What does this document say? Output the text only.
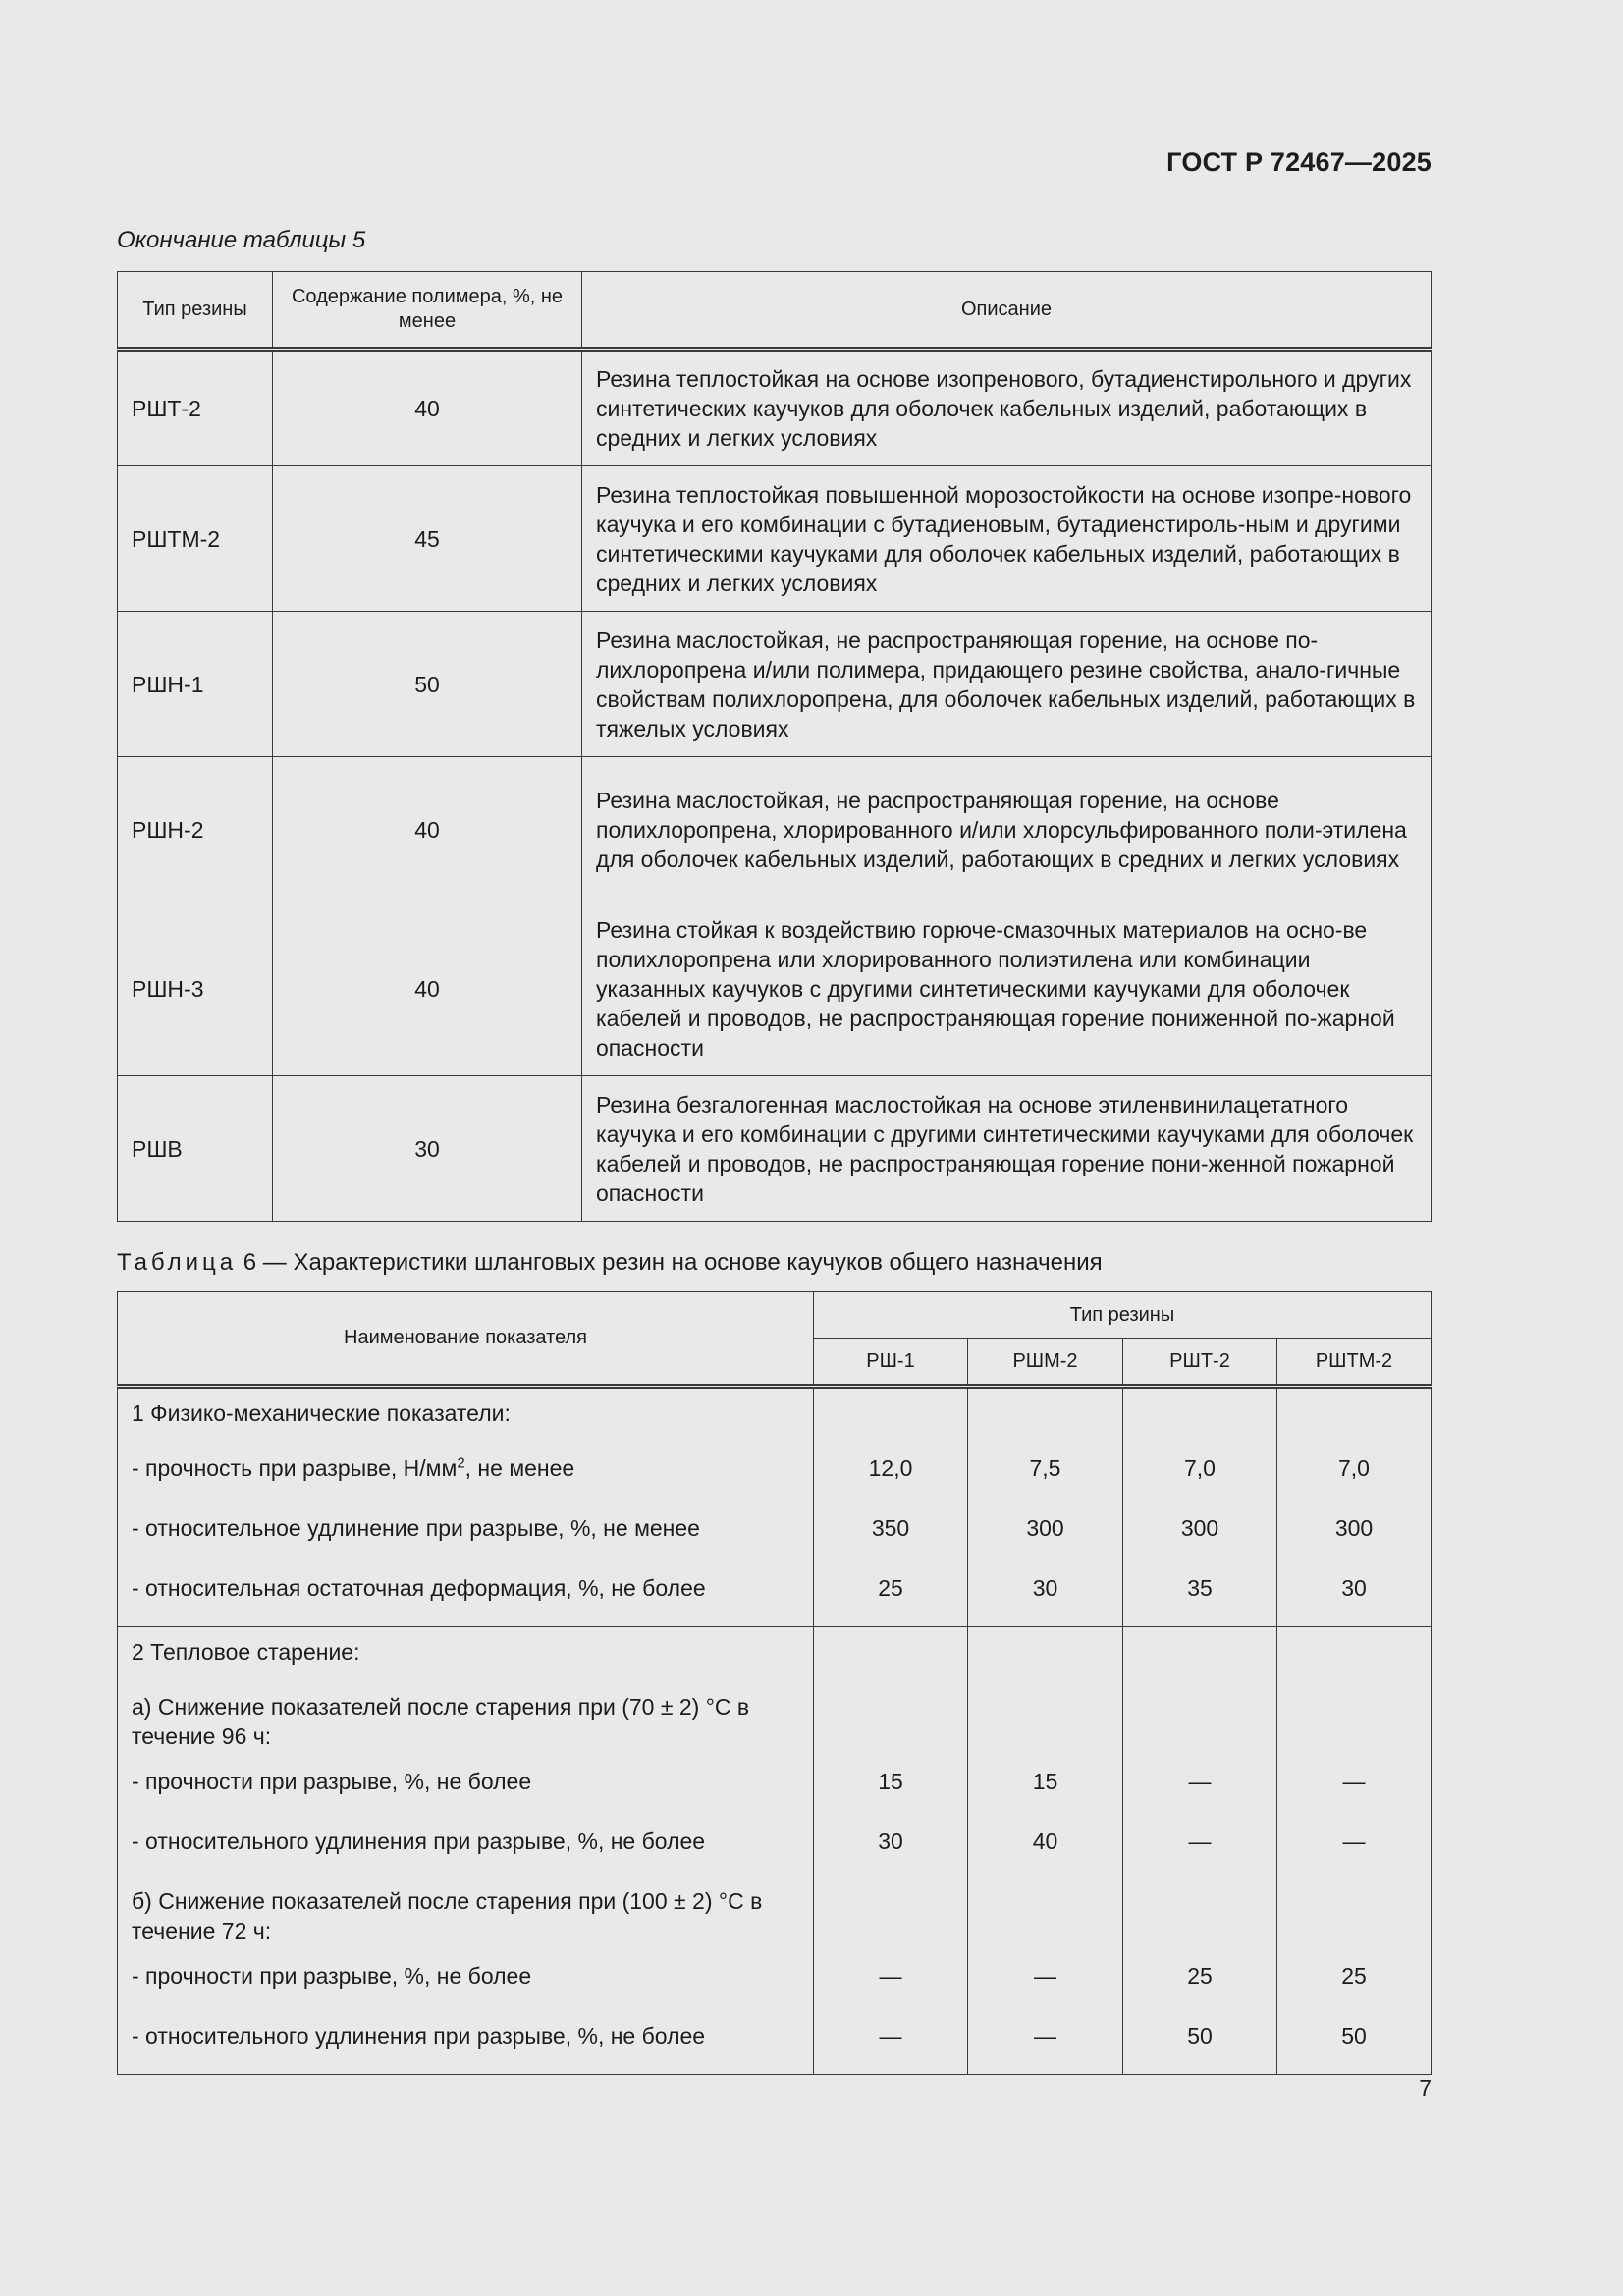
ГОСТ Р 72467—2025
Окончание таблицы 5
Тип резины	Содержание полимера, %, не менее	Описание
РШТ-2	40	Резина теплостойкая на основе изопренового, бутадиенстирольного и других синтетических каучуков для оболочек кабельных изделий, работающих в средних и легких условиях
РШТМ-2	45	Резина теплостойкая повышенной морозостойкости на основе изопре-нового каучука и его комбинации с бутадиеновым, бутадиенстироль-ным и другими синтетическими каучуками для оболочек кабельных изделий, работающих в средних и легких условиях
РШН-1	50	Резина маслостойкая, не распространяющая горение, на основе по-лихлоропрена и/или полимера, придающего резине свойства, анало-гичные свойствам полихлоропрена, для оболочек кабельных изделий, работающих в тяжелых условиях
РШН-2	40	Резина маслостойкая, не распространяющая горение, на основе полихлоропрена, хлорированного и/или хлорсульфированного поли-этилена для оболочек кабельных изделий, работающих в средних и легких условиях
РШН-3	40	Резина стойкая к воздействию горюче-смазочных материалов на осно-ве полихлоропрена или хлорированного полиэтилена или комбинации указанных каучуков с другими синтетическими каучуками для оболочек кабелей и проводов, не распространяющая горение пониженной по-жарной опасности
РШВ	30	Резина безгалогенная маслостойкая на основе этиленвинилацетатного каучука и его комбинации с другими синтетическими каучуками для оболочек кабелей и проводов, не распространяющая горение пони-женной пожарной опасности
Таблица 6 — Характеристики шланговых резин на основе каучуков общего назначения
Наименование показателя	Тип резины			
	РШ-1	РШМ-2	РШТ-2	РШТМ-2
1 Физико-механические показатели:				
- прочность при разрыве, $Н/мм^2$, не менее	12,0	7,5	7,0	7,0
- относительное удлинение при разрыве, %, не менее	350	300	300	300
- относительная остаточная деформация, %, не более	25	30	35	30
2 Тепловое старение:				
а) Снижение показателей после старения при (70 ± 2) °С в течение 96 ч:				
- прочности при разрыве, %, не более	15	15	—	—
- относительного удлинения при разрыве, %, не более	30	40	—	—
б) Снижение показателей после старения при (100 ± 2) °С в течение 72 ч:				
- прочности при разрыве, %, не более	—	—	25	25
- относительного удлинения при разрыве, %, не более	—	—	50	50
7
